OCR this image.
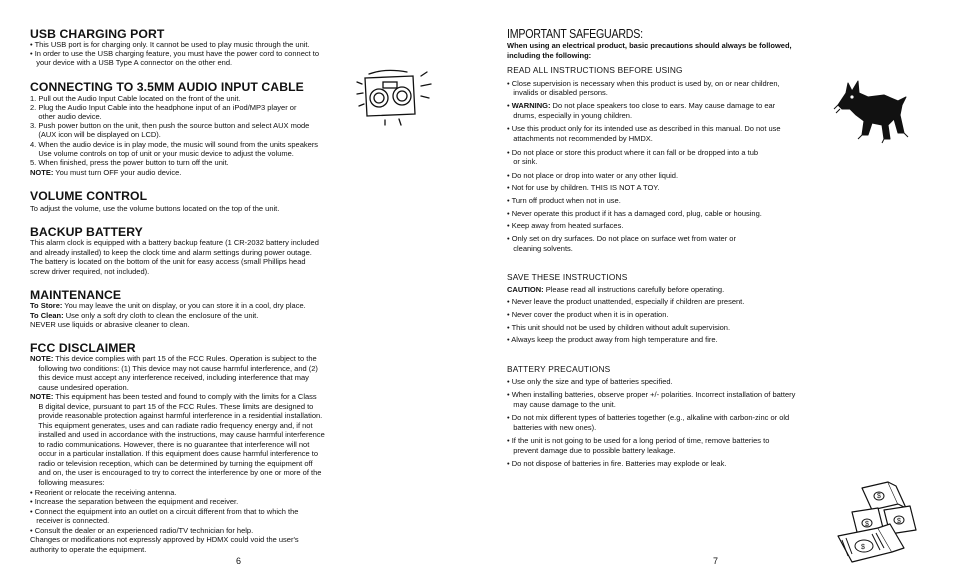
USB CHARGING PORT
• This USB port is for charging only. It cannot be used to play music through the unit.
• In order to use the USB charging feature, you must have the power cord to connect to
your device with a USB Type A connector on the other end.
CONNECTING TO 3.5MM AUDIO INPUT CABLE
1. Pull out the Audio Input Cable located on the front of the unit.
2. Plug the Audio Input Cable into the headphone input of an iPod/MP3 player or
other audio device.
3. Push power button on the unit, then push the source button and select AUX mode
(AUX icon will be displayed on LCD).
4. When the audio device is in play mode, the music will sound from the units speakers
Use volume controls on top of unit or your music device to adjust the volume.
5. When finished, press the power button to turn off the unit.
NOTE: You must turn OFF your audio device.
VOLUME CONTROL
To adjust the volume, use the volume buttons located on the top of the unit.
BACKUP BATTERY
This alarm clock is equipped with a battery backup feature (1 CR-2032 battery included
and already installed) to keep the clock time and alarm settings during power outage.
The battery is located on the bottom of the unit for easy access (small Phillips head
screw driver required, not included).
MAINTENANCE
To Store: You may leave the unit on display, or you can store it in a cool, dry place.
To Clean: Use only a soft dry cloth to clean the enclosure of the unit.
NEVER use liquids or abrasive cleaner to clean.
FCC DISCLAIMER
NOTE: This device complies with part 15 of the FCC Rules. Operation is subject to the
following two conditions: (1) This device may not cause harmful interference, and (2)
this device must accept any interference received, including interference that may
cause undesired operation.
NOTE: This equipment has been tested and found to comply with the limits for a Class
B digital device, pursuant to part 15 of the FCC Rules. These limits are designed to
provide reasonable protection against harmful interference in a residential installation.
This equipment generates, uses and can radiate radio frequency energy and, if not
installed and used in accordance with the instructions, may cause harmful interference
to radio communications. However, there is no guarantee that interference will not
occur in a particular installation. If this equipment does cause harmful interference to
radio or television reception, which can be determined by turning the equipment off
and on, the user is encouraged to try to correct the interference by one or more of the
following measures:
• Reorient or relocate the receiving antenna.
• Increase the separation between the equipment and receiver.
• Connect the equipment into an outlet on a circuit different from that to which the
receiver is connected.
• Consult the dealer or an experienced radio/TV technician for help.
Changes or modifications not expressly approved by HDMX could void the user's
authority to operate the equipment.
6
IMPORTANT SAFEGUARDS:
When using an electrical product, basic precautions should always be followed,
including the following:
READ ALL INSTRUCTIONS BEFORE USING
• Close supervision is necessary when this product is used by, on or near children,
invalids or disabled persons.
• WARNING: Do not place speakers too close to ears. May cause damage to ear
drums, especially in young children.
• Use this product only for its intended use as described in this manual. Do not use
attachments not recommended by HMDX.
• Do not place or store this product where it can fall or be dropped into a tub
or sink.
• Do not place or drop into water or any other liquid.
• Not for use by children. THIS IS NOT A TOY.
• Turn off product when not in use.
• Never operate this product if it has a damaged cord, plug, cable or housing.
• Keep away from heated surfaces.
• Only set on dry surfaces. Do not place on surface wet from water or
cleaning solvents.
SAVE THESE INSTRUCTIONS
CAUTION: Please read all instructions carefully before operating.
• Never leave the product unattended, especially if children are present.
• Never cover the product when it is in operation.
• This unit should not be used by children without adult supervision.
• Always keep the product away from high temperature and fire.
BATTERY PRECAUTIONS
• Use only the size and type of batteries specified.
• When installing batteries, observe proper +/- polarities. Incorrect installation of battery
may cause damage to the unit.
• Do not mix different types of batteries together (e.g., alkaline with carbon-zinc or old
batteries with new ones).
• If the unit is not going to be used for a long period of time, remove batteries to
prevent damage due to possible battery leakage.
• Do not dispose of batteries in fire. Batteries may explode or leak.
7
$
$
$
$
